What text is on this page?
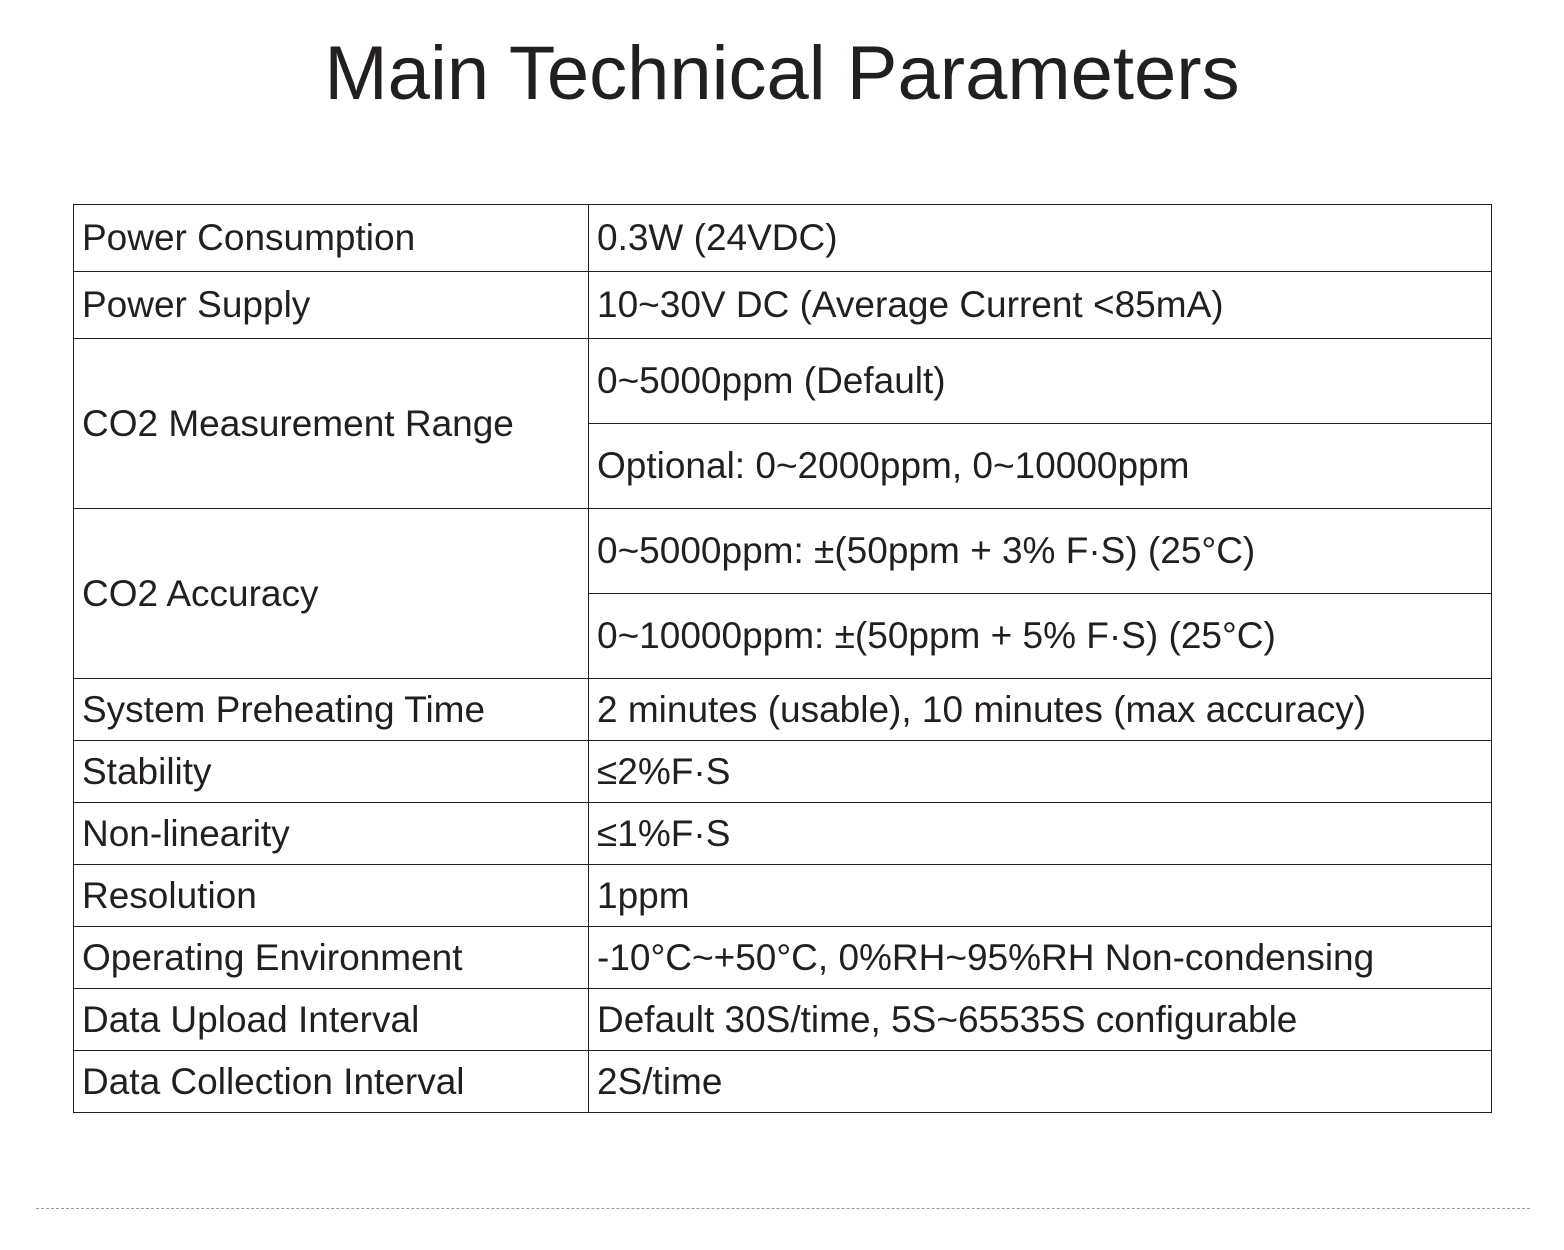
Main Technical Parameters
Power Consumption	0.3W (24VDC)
Power Supply	10~30V DC (Average Current <85mA)
CO2 Measurement Range	0~5000ppm (Default)
	Optional: 0~2000ppm, 0~10000ppm
CO2 Accuracy	0~5000ppm: ±(50ppm + 3% F·S) (25°C)
	0~10000ppm: ±(50ppm + 5% F·S) (25°C)
System Preheating Time	2 minutes (usable), 10 minutes (max accuracy)
Stability	≤2%F·S
Non-linearity	≤1%F·S
Resolution	1ppm
Operating Environment	-10°C~+50°C, 0%RH~95%RH Non-condensing
Data Upload Interval	Default 30S/time, 5S~65535S configurable
Data Collection Interval	2S/time
